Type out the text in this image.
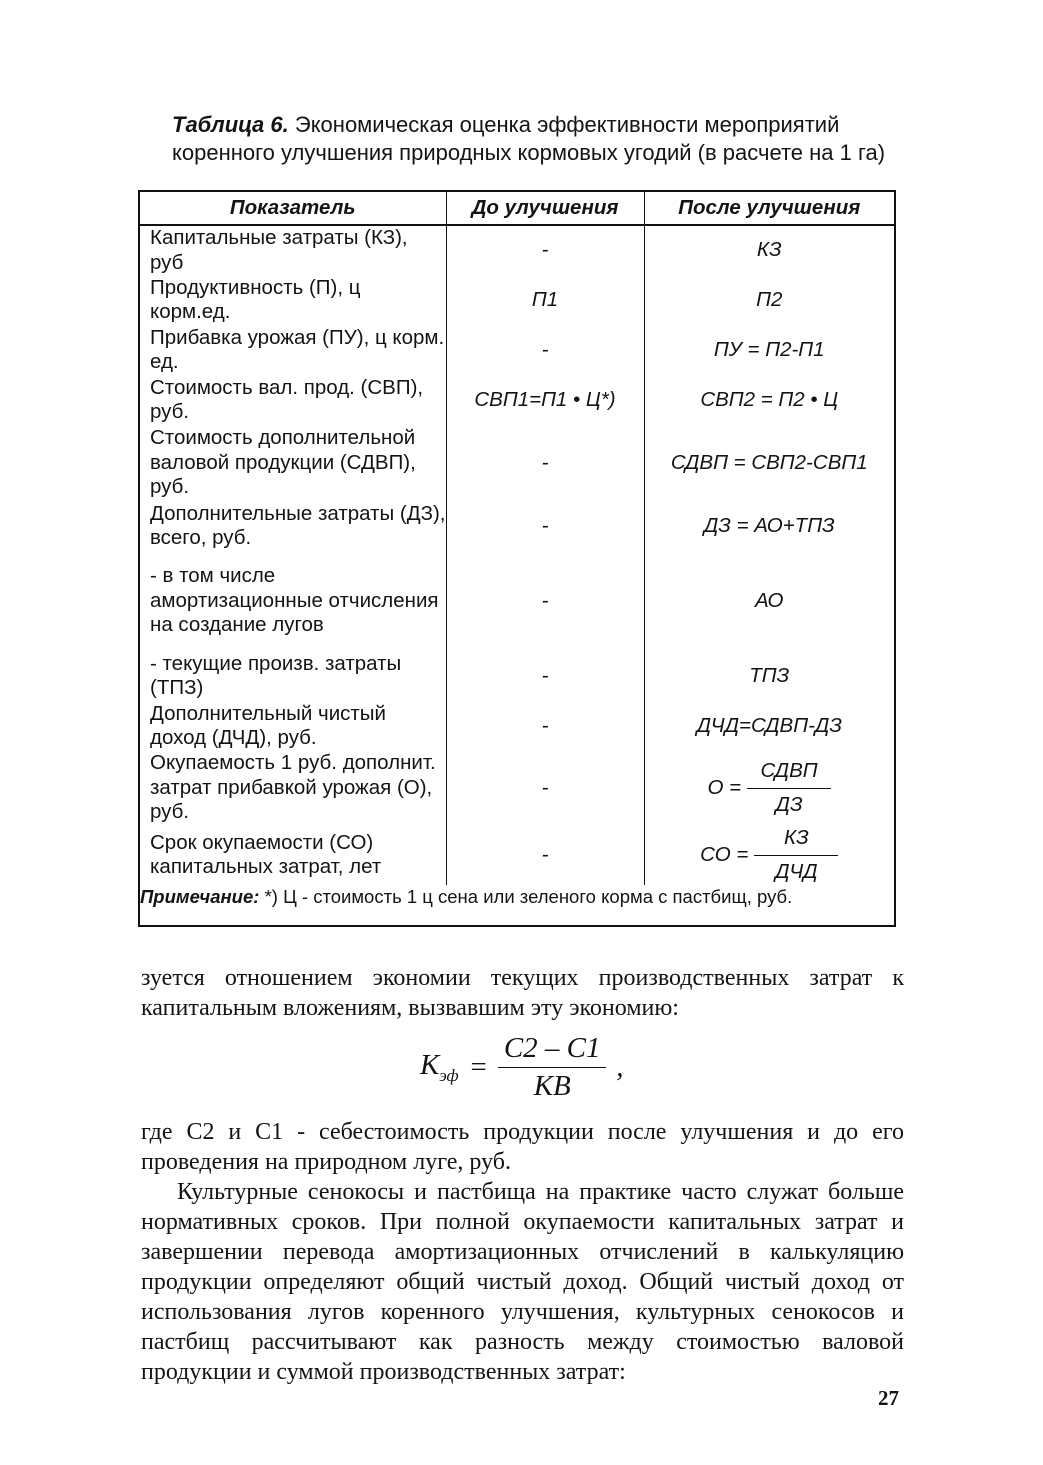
Таблица 6. Экономическая оценка эффективности мероприятий коренного улучшения природных кормовых угодий (в расчете на 1 га)
Показатель	До улучшения	После улучшения
Капитальные затраты (КЗ), руб	-	КЗ
Продуктивность (П), ц корм.ед.	П1	П2
Прибавка урожая (ПУ), ц корм. ед.	-	ПУ = П2-П1
Стоимость вал. прод. (СВП), руб.	СВП1=П1 • Ц*)	СВП2 = П2 • Ц
Стоимость дополнительной валовой продукции (СДВП), руб.	-	СДВП = СВП2-СВП1
Дополнительные затраты (ДЗ), всего, руб.	-	ДЗ = АО+ТПЗ
- в том числе амортизационные отчисления на создание лугов	-	АО
- текущие произв. затраты (ТПЗ)	-	ТПЗ
Дополнительный чистый доход (ДЧД), руб.	-	ДЧД=СДВП-ДЗ
Окупаемость 1 руб. дополнит. затрат прибавкой урожая (О), руб.	-	О =
СДВП
ДЗ

Срок окупаемости (СО) капитальных затрат, лет	-	СО =
КЗ
ДЧД

Примечание: *) Ц - стоимость 1 ц сена или зеленого корма с пастбищ, руб.		
зуется отношением экономии текущих производственных затрат к капитальным вложениям, вызвавшим эту экономию:
$К_{эф}$ =
С2 – С1
КВ
,
где С2 и С1 - себестоимость продукции после улучшения и до его проведения на природном луге, руб.
Культурные сенокосы и пастбища на практике часто служат больше нормативных сроков. При полной окупаемости капитальных затрат и завершении перевода амортизационных отчислений в калькуляцию продукции определяют общий чистый доход. Общий чистый доход от использования лугов коренного улучшения, культурных сенокосов и пастбищ рассчитывают как разность между стоимостью валовой продукции и суммой производственных затрат:
27
